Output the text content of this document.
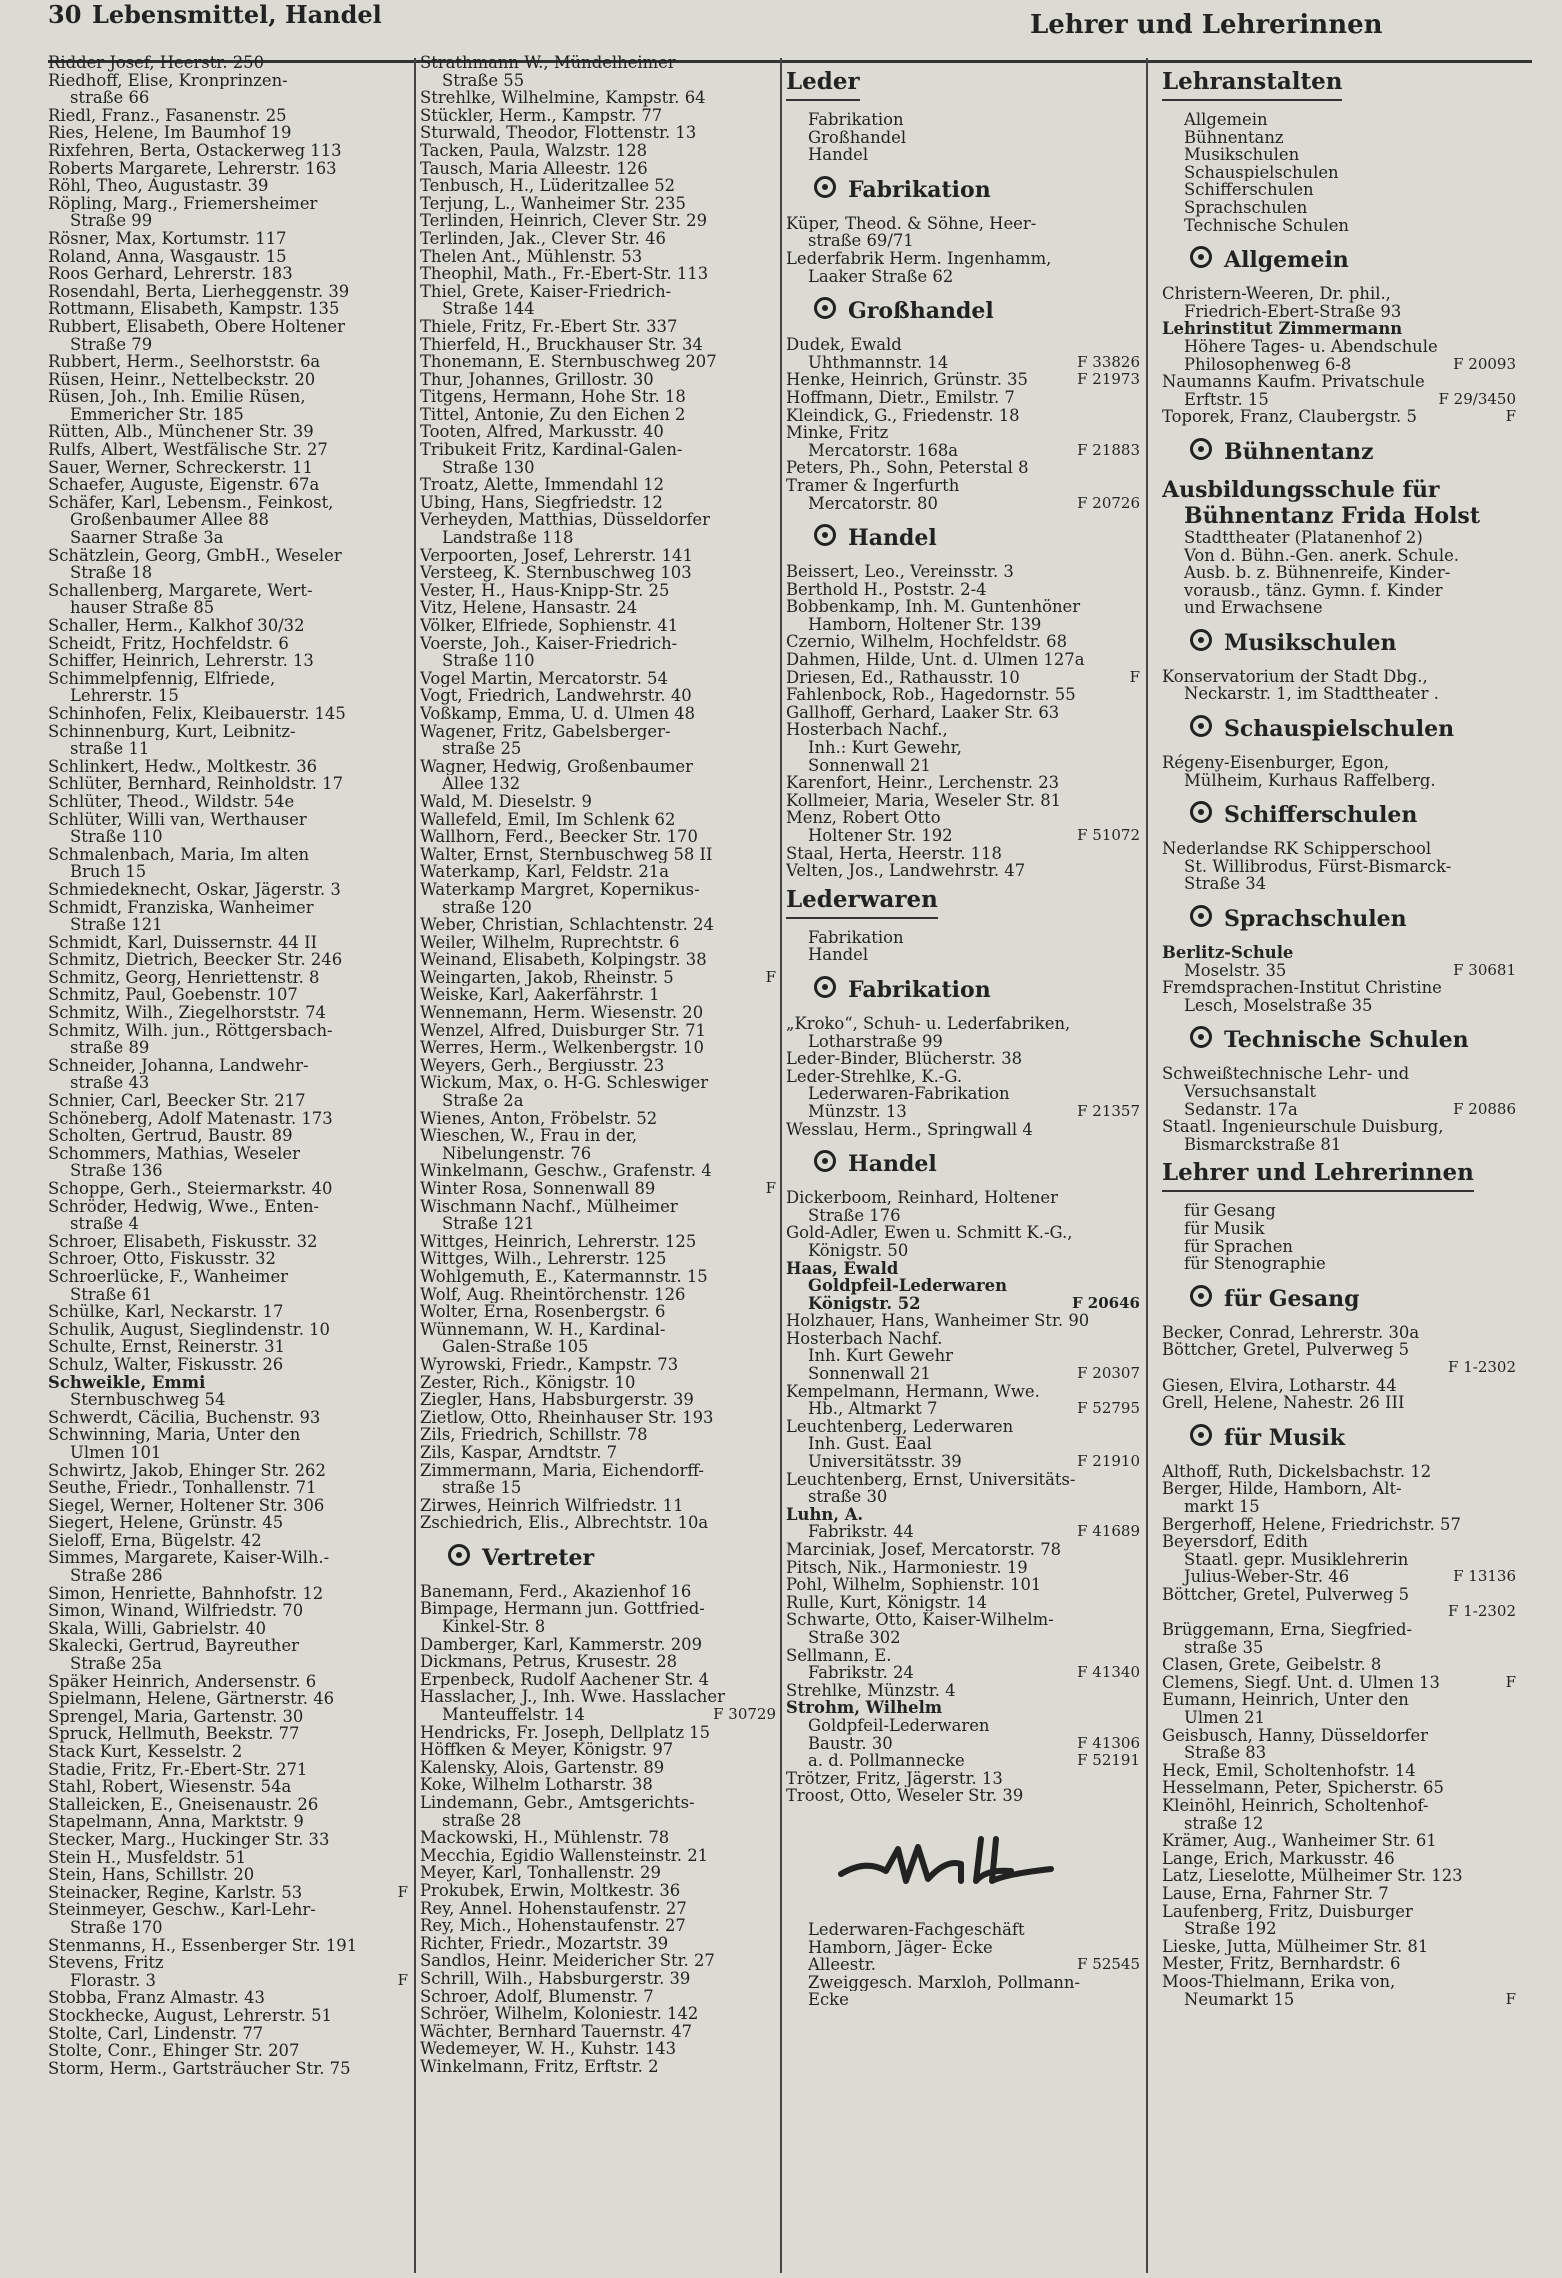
30 Lebensmittel, Handel	Lehrer und Lehrerinnen
Ridder Josef, Heerstr. 250
Riedhoff, Elise, Kronprinzen-
straße 66
Riedl, Franz., Fasanenstr. 25
Ries, Helene, Im Baumhof 19
Rixfehren, Berta, Ostackerweg 113
Roberts Margarete, Lehrerstr. 163
Röhl, Theo, Augustastr. 39
Röpling, Marg., Friemersheimer
Straße 99
Rösner, Max, Kortumstr. 117
Roland, Anna, Wasgaustr. 15
Roos Gerhard, Lehrerstr. 183
Rosendahl, Berta, Lierheggenstr. 39
Rottmann, Elisabeth, Kampstr. 135
Rubbert, Elisabeth, Obere Holtener
Straße 79
Rubbert, Herm., Seelhorststr. 6a
Rüsen, Heinr., Nettelbeckstr. 20
Rüsen, Joh., Inh. Emilie Rüsen,
Emmericher Str. 185
Rütten, Alb., Münchener Str. 39
Rulfs, Albert, Westfälische Str. 27
Sauer, Werner, Schreckerstr. 11
Schaefer, Auguste, Eigenstr. 67a
Schäfer, Karl, Lebensm., Feinkost,
Großenbaumer Allee 88
Saarner Straße 3a
Schätzlein, Georg, GmbH., Weseler
Straße 18
Schallenberg, Margarete, Wert-
hauser Straße 85
Schaller, Herm., Kalkhof 30/32
Scheidt, Fritz, Hochfeldstr. 6
Schiffer, Heinrich, Lehrerstr. 13
Schimmelpfennig, Elfriede,
Lehrerstr. 15
Schinhofen, Felix, Kleibauerstr. 145
Schinnenburg, Kurt, Leibnitz-
straße 11
Schlinkert, Hedw., Moltkestr. 36
Schlüter, Bernhard, Reinholdstr. 17
Schlüter, Theod., Wildstr. 54e
Schlüter, Willi van, Werthauser
Straße 110
Schmalenbach, Maria, Im alten
Bruch 15
Schmiedeknecht, Oskar, Jägerstr. 3
Schmidt, Franziska, Wanheimer
Straße 121
Schmidt, Karl, Duissernstr. 44 II
Schmitz, Dietrich, Beecker Str. 246
Schmitz, Georg, Henriettenstr. 8
Schmitz, Paul, Goebenstr. 107
Schmitz, Wilh., Ziegelhorststr. 74
Schmitz, Wilh. jun., Röttgersbach-
straße 89
Schneider, Johanna, Landwehr-
straße 43
Schnier, Carl, Beecker Str. 217
Schöneberg, Adolf Matenastr. 173
Scholten, Gertrud, Baustr. 89
Schommers, Mathias, Weseler
Straße 136
Schoppe, Gerh., Steiermarkstr. 40
Schröder, Hedwig, Wwe., Enten-
straße 4
Schroer, Elisabeth, Fiskusstr. 32
Schroer, Otto, Fiskusstr. 32
Schroerlücke, F., Wanheimer
Straße 61
Schülke, Karl, Neckarstr. 17
Schulik, August, Sieglindenstr. 10
Schulte, Ernst, Reinerstr. 31
Schulz, Walter, Fiskusstr. 26
Schweikle, Emmi
Sternbuschweg 54
Schwerdt, Cäcilia, Buchenstr. 93
Schwinning, Maria, Unter den
Ulmen 101
Schwirtz, Jakob, Ehinger Str. 262
Seuthe, Friedr., Tonhallenstr. 71
Siegel, Werner, Holtener Str. 306
Siegert, Helene, Grünstr. 45
Sieloff, Erna, Bügelstr. 42
Simmes, Margarete, Kaiser-Wilh.-
Straße 286
Simon, Henriette, Bahnhofstr. 12
Simon, Winand, Wilfriedstr. 70
Skala, Willi, Gabrielstr. 40
Skalecki, Gertrud, Bayreuther
Straße 25a
Späker Heinrich, Andersenstr. 6
Spielmann, Helene, Gärtnerstr. 46
Sprengel, Maria, Gartenstr. 30
Spruck, Hellmuth, Beekstr. 77
Stack Kurt, Kesselstr. 2
Stadie, Fritz, Fr.-Ebert-Str. 271
Stahl, Robert, Wiesenstr. 54a
Stalleicken, E., Gneisenaustr. 26
Stapelmann, Anna, Marktstr. 9
Stecker, Marg., Huckinger Str. 33
Stein H., Musfeldstr. 51
Stein, Hans, Schillstr. 20
F
Steinacker, Regine, Karlstr. 53
Steinmeyer, Geschw., Karl-Lehr-
Straße 170
Stenmanns, H., Essenberger Str. 191
Stevens, Fritz
F
Florastr. 3
Stobba, Franz Almastr. 43
Stockhecke, August, Lehrerstr. 51
Stolte, Carl, Lindenstr. 77
Stolte, Conr., Ehinger Str. 207
Storm, Herm., Gartsträucher Str. 75
Strathmann W., Mündelheimer
Straße 55
Strehlke, Wilhelmine, Kampstr. 64
Stückler, Herm., Kampstr. 77
Sturwald, Theodor, Flottenstr. 13
Tacken, Paula, Walzstr. 128
Tausch, Maria Alleestr. 126
Tenbusch, H., Lüderitzallee 52
Terjung, L., Wanheimer Str. 235
Terlinden, Heinrich, Clever Str. 29
Terlinden, Jak., Clever Str. 46
Thelen Ant., Mühlenstr. 53
Theophil, Math., Fr.-Ebert-Str. 113
Thiel, Grete, Kaiser-Friedrich-
Straße 144
Thiele, Fritz, Fr.-Ebert Str. 337
Thierfeld, H., Bruckhauser Str. 34
Thonemann, E. Sternbuschweg 207
Thur, Johannes, Grillostr. 30
Titgens, Hermann, Hohe Str. 18
Tittel, Antonie, Zu den Eichen 2
Tooten, Alfred, Markusstr. 40
Tribukeit Fritz, Kardinal-Galen-
Straße 130
Troatz, Alette, Immendahl 12
Übing, Hans, Siegfriedstr. 12
Verheyden, Matthias, Düsseldorfer
Landstraße 118
Verpoorten, Josef, Lehrerstr. 141
Versteeg, K. Sternbuschweg 103
Vester, H., Haus-Knipp-Str. 25
Vitz, Helene, Hansastr. 24
Völker, Elfriede, Sophienstr. 41
Voerste, Joh., Kaiser-Friedrich-
Straße 110
Vogel Martin, Mercatorstr. 54
Vogt, Friedrich, Landwehrstr. 40
Voßkamp, Emma, U. d. Ulmen 48
Wagener, Fritz, Gabelsberger-
straße 25
Wagner, Hedwig, Großenbaumer
Allee 132
Wald, M. Dieselstr. 9
Wallefeld, Emil, Im Schlenk 62
Wallhorn, Ferd., Beecker Str. 170
Walter, Ernst, Sternbuschweg 58 II
Waterkamp, Karl, Feldstr. 21a
Waterkamp Margret, Kopernikus-
straße 120
Weber, Christian, Schlachtenstr. 24
Weiler, Wilhelm, Ruprechtstr. 6
Weinand, Elisabeth, Kolpingstr. 38
F
Weingarten, Jakob, Rheinstr. 5
Weiske, Karl, Aakerfährstr. 1
Wennemann, Herm. Wiesenstr. 20
Wenzel, Alfred, Duisburger Str. 71
Werres, Herm., Welkenbergstr. 10
Weyers, Gerh., Bergiusstr. 23
Wickum, Max, o. H-G. Schleswiger
Straße 2a
Wienes, Anton, Fröbelstr. 52
Wieschen, W., Frau in der,
Nibelungenstr. 76
Winkelmann, Geschw., Grafenstr. 4
F
Winter Rosa, Sonnenwall 89
Wischmann Nachf., Mülheimer
Straße 121
Wittges, Heinrich, Lehrerstr. 125
Wittges, Wilh., Lehrerstr. 125
Wohlgemuth, E., Katermannstr. 15
Wolf, Aug. Rheintörchenstr. 126
Wolter, Erna, Rosenbergstr. 6
Wünnemann, W. H., Kardinal-
Galen-Straße 105
Wyrowski, Friedr., Kampstr. 73
Zester, Rich., Königstr. 10
Ziegler, Hans, Habsburgerstr. 39
Zietlow, Otto, Rheinhauser Str. 193
Zils, Friedrich, Schillstr. 78
Zils, Kaspar, Arndtstr. 7
Zimmermann, Maria, Eichendorff-
straße 15
Zirwes, Heinrich Wilfriedstr. 11
Zschiedrich, Elis., Albrechtstr. 10a
Vertreter
Banemann, Ferd., Akazienhof 16
Bimpage, Hermann jun. Gottfried-
Kinkel-Str. 8
Damberger, Karl, Kammerstr. 209
Dickmans, Petrus, Krusestr. 28
Erpenbeck, Rudolf Aachener Str. 4
Hasslacher, J., Inh. Wwe. Hasslacher
F 30729
Manteuffelstr. 14
Hendricks, Fr. Joseph, Dellplatz 15
Höffken & Meyer, Königstr. 97
Kalensky, Alois, Gartenstr. 89
Koke, Wilhelm Lotharstr. 38
Lindemann, Gebr., Amtsgerichts-
straße 28
Mackowski, H., Mühlenstr. 78
Mecchia, Egidio Wallensteinstr. 21
Meyer, Karl, Tonhallenstr. 29
Prokubek, Erwin, Moltkestr. 36
Rey, Annel. Hohenstaufenstr. 27
Rey, Mich., Hohenstaufenstr. 27
Richter, Friedr., Mozartstr. 39
Sandlos, Heinr. Meidericher Str. 27
Schrill, Wilh., Habsburgerstr. 39
Schroer, Adolf, Blumenstr. 7
Schröer, Wilhelm, Koloniestr. 142
Wächter, Bernhard Tauernstr. 47
Wedemeyer, W. H., Kuhstr. 143
Winkelmann, Fritz, Erftstr. 2
Leder

Fabrikation
Großhandel
Handel
Fabrikation
Küper, Theod. & Söhne, Heer-
straße 69/71
Lederfabrik Herm. Ingenhamm,
Laaker Straße 62
Großhandel
Dudek, Ewald
F 33826
Uhthmannstr. 14
F 21973
Henke, Heinrich, Grünstr. 35
Hoffmann, Dietr., Emilstr. 7
Kleindick, G., Friedenstr. 18
Minke, Fritz
F 21883
Mercatorstr. 168a
Peters, Ph., Sohn, Peterstal 8
Tramer & Ingerfurth
F 20726
Mercatorstr. 80
Handel
Beissert, Leo., Vereinsstr. 3
Berthold H., Poststr. 2-4
Bobbenkamp, Inh. M. Guntenhöner
Hamborn, Holtener Str. 139
Czernio, Wilhelm, Hochfeldstr. 68
Dahmen, Hilde, Unt. d. Ulmen 127a
F
Driesen, Ed., Rathausstr. 10
Fahlenbock, Rob., Hagedornstr. 55
Gallhoff, Gerhard, Laaker Str. 63
Hosterbach Nachf.,
Inh.: Kurt Gewehr,
Sonnenwall 21
Karenfort, Heinr., Lerchenstr. 23
Kollmeier, Maria, Weseler Str. 81
Menz, Robert Otto
F 51072
Holtener Str. 192
Staal, Herta, Heerstr. 118
Velten, Jos., Landwehrstr. 47
Lederwaren

Fabrikation
Handel
Fabrikation
„Kroko“, Schuh- u. Lederfabriken,
Lotharstraße 99
Leder-Binder, Blücherstr. 38
Leder-Strehlke, K.-G.
Lederwaren-Fabrikation
F 21357
Münzstr. 13
Wesslau, Herm., Springwall 4
Handel
Dickerboom, Reinhard, Holtener
Straße 176
Gold-Adler, Ewen u. Schmitt K.-G.,
Königstr. 50
Haas, Ewald
Goldpfeil-Lederwaren
F 20646
Königstr. 52
Holzhauer, Hans, Wanheimer Str. 90
Hosterbach Nachf.
Inh. Kurt Gewehr
F 20307
Sonnenwall 21
Kempelmann, Hermann, Wwe.
F 52795
Hb., Altmarkt 7
Leuchtenberg, Lederwaren
Inh. Gust. Eaal
F 21910
Universitätsstr. 39
Leuchtenberg, Ernst, Universitäts-
straße 30
Luhn, A.
F 41689
Fabrikstr. 44
Marciniak, Josef, Mercatorstr. 78
Pitsch, Nik., Harmoniestr. 19
Pohl, Wilhelm, Sophienstr. 101
Rulle, Kurt, Königstr. 14
Schwarte, Otto, Kaiser-Wilhelm-
Straße 302
Sellmann, E.
F 41340
Fabrikstr. 24
Strehlke, Münzstr. 4
Strohm, Wilhelm
Goldpfeil-Lederwaren
F 41306
Baustr. 30
F 52191
a. d. Pollmannecke
Trötzer, Fritz, Jägerstr. 13
Troost, Otto, Weseler Str. 39
Lederwaren-Fachgeschäft
Hamborn, Jäger- Ecke
F 52545
Alleestr.
Zweiggesch. Marxloh, Pollmann-
Ecke
Lehranstalten

Allgemein
Bühnentanz
Musikschulen
Schauspielschulen
Schifferschulen
Sprachschulen
Technische Schulen
Allgemein
Christern-Weeren, Dr. phil.,
Friedrich-Ebert-Straße 93
Lehrinstitut Zimmermann
Höhere Tages- u. Abendschule
F 20093
Philosophenweg 6-8
Naumanns Kaufm. Privatschule
F 29/3450
Erftstr. 15
F
Toporek, Franz, Claubergstr. 5
Bühnentanz
Ausbildungsschule für
Bühnentanz Frida Holst
Stadttheater (Platanenhof 2)
Von d. Bühn.-Gen. anerk. Schule.
Ausb. b. z. Bühnenreife, Kinder-
vorausb., tänz. Gymn. f. Kinder
und Erwachsene
Musikschulen
Konservatorium der Stadt Dbg.,
Neckarstr. 1, im Stadttheater .
Schauspielschulen
Régeny-Eisenburger, Egon,
Mülheim, Kurhaus Raffelberg.
Schifferschulen
Nederlandse RK Schipperschool
St. Willibrodus, Fürst-Bismarck-
Straße 34
Sprachschulen
Berlitz-Schule
F 30681
Moselstr. 35
Fremdsprachen-Institut Christine
Lesch, Moselstraße 35
Technische Schulen
Schweißtechnische Lehr- und
Versuchsanstalt
F 20886
Sedanstr. 17a
Staatl. Ingenieurschule Duisburg,
Bismarckstraße 81
Lehrer und Lehrerinnen

für Gesang
für Musik
für Sprachen
für Stenographie
für Gesang
Becker, Conrad, Lehrerstr. 30a
Böttcher, Gretel, Pulverweg 5
F 1-2302
Giesen, Elvira, Lotharstr. 44
Grell, Helene, Nahestr. 26 III
für Musik
Althoff, Ruth, Dickelsbachstr. 12
Berger, Hilde, Hamborn, Alt-
markt 15
Bergerhoff, Helene, Friedrichstr. 57
Beyersdorf, Edith
Staatl. gepr. Musiklehrerin
F 13136
Julius-Weber-Str. 46
Böttcher, Gretel, Pulverweg 5
F 1-2302
Brüggemann, Erna, Siegfried-
straße 35
Clasen, Grete, Geibelstr. 8
F
Clemens, Siegf. Unt. d. Ulmen 13
Eumann, Heinrich, Unter den
Ulmen 21
Geisbusch, Hanny, Düsseldorfer
Straße 83
Heck, Emil, Scholtenhofstr. 14
Hesselmann, Peter, Spicherstr. 65
Kleinöhl, Heinrich, Scholtenhof-
straße 12
Krämer, Aug., Wanheimer Str. 61
Lange, Erich, Markusstr. 46
Latz, Lieselotte, Mülheimer Str. 123
Lause, Erna, Fahrner Str. 7
Laufenberg, Fritz, Duisburger
Straße 192
Lieske, Jutta, Mülheimer Str. 81
Mester, Fritz, Bernhardstr. 6
Moos-Thielmann, Erika von,
F
Neumarkt 15
